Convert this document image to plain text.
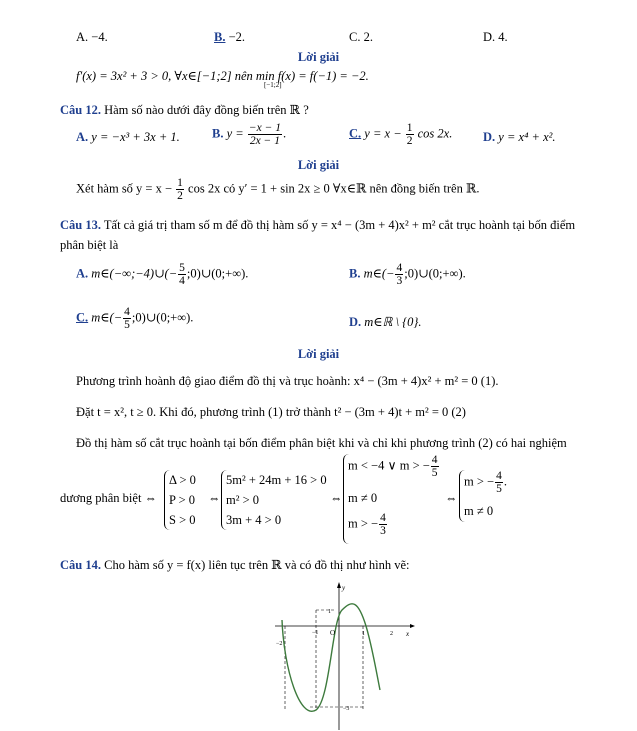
A. −4.	B. −2.	C. 2.	D. 4.
Lời giải
f′(x) = 3x² + 3 > 0, ∀x∈[−1;2] nên min f(x) = f(−1) = −2.
[−1;2]
Câu 12. Hàm số nào dưới đây đồng biến trên ℝ ?
A. y = −x³ + 3x + 1.	B. $y = \frac{-x - 1}{2x - 1}$ .	C. $y = x - \frac{1}{2}$ cos 2x. D. y = x⁴ + x².
Lời giải
Xét hàm số $y = x - \frac{1}{2}$ cos 2x có y′ = 1 + sin 2x ≥ 0 ∀x∈ℝ nên đồng biến trên ℝ.
Câu 13. Tất cả giá trị tham số m để đồ thị hàm số y = x⁴ − (3m + 4)x² + m² cắt trục hoành tại bốn điểm
phân biệt là
A. m∈(−∞;−4)∪(− $\frac{5}{4}$ ;0)∪(0;+∞).	B. m∈(− $\frac{4}{3}$ ;0)∪(0;+∞).
C. m∈(− $\frac{4}{5}$ ;0)∪(0;+∞).	D. m∈ℝ \ {0}.
Lời giải
Phương trình hoành độ giao điểm đồ thị và trục hoành: x⁴ − (3m + 4)x² + m² = 0 (1).
Đặt t = x², t ≥ 0. Khi đó, phương trình (1) trở thành t² − (3m + 4)t + m² = 0 (2)
Đồ thị hàm số cắt trục hoành tại bốn điểm phân biệt khi và chỉ khi phương trình (2) có hai nghiệm
dương phân biệt ⇔
Δ > 0
P > 0
S > 0
⇔
5m² + 24m + 16 > 0
m² > 0
3m + 4 > 0
⇔
m < −4 ∨ m > − $\frac{4}{5}$
m ≠ 0
m > − $\frac{4}{3}$
⇔
m > − $\frac{4}{5}$ .
m ≠ 0
Câu 14. Cho hàm số y = f(x) liên tục trên ℝ và có đồ thị như hình vẽ:
y
x
O
1
−1
−2
1	2
−3
